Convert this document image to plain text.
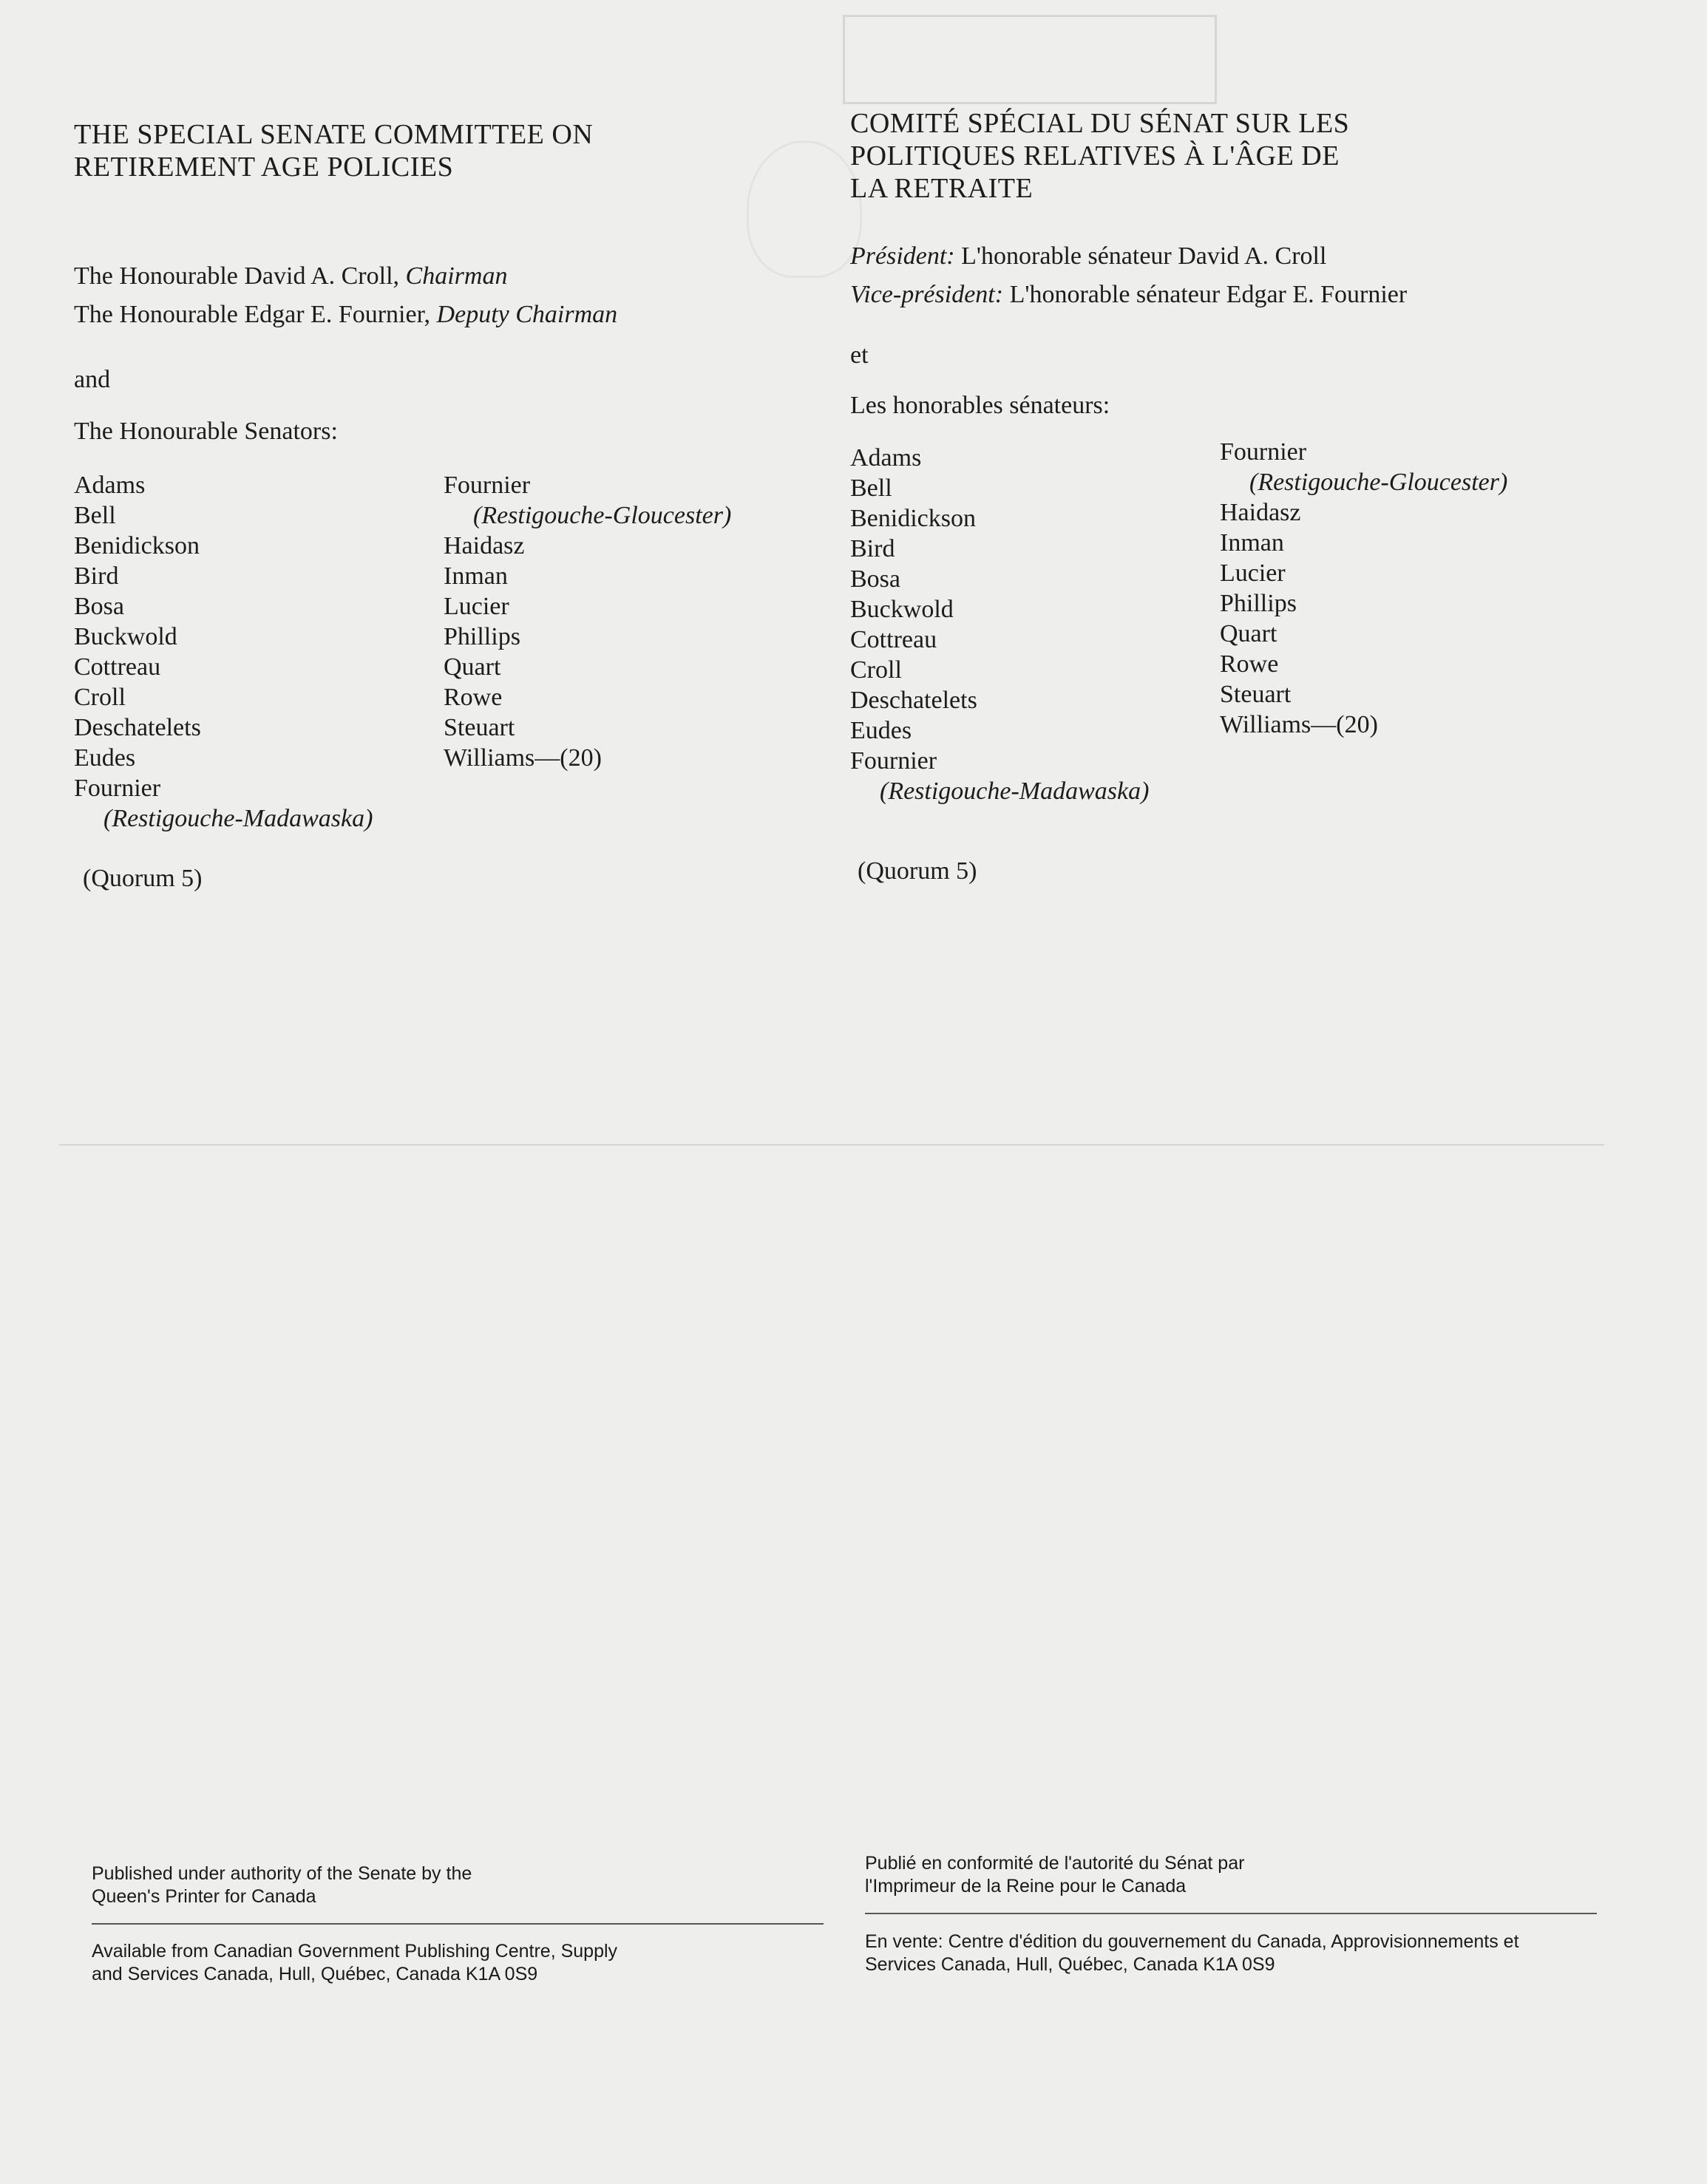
THE SPECIAL SENATE COMMITTEE ON
RETIREMENT AGE POLICIES

The Honourable David A. Croll, Chairman

The Honourable Edgar E. Fournier, Deputy Chairman

and

The Honourable Senators:

Adams
Bell
Benidickson
Bird
Bosa
Buckwold
Cottreau
Croll
Deschatelets
Eudes
Fournier
(Restigouche-Madawaska)
Fournier
(Restigouche-Gloucester)
Haidasz
Inman
Lucier
Phillips
Quart
Rowe
Steuart
Williams—(20)

(Quorum 5)

COMITÉ SPÉCIAL DU SÉNAT SUR LES
POLITIQUES RELATIVES À L'ÂGE DE
LA RETRAITE

Président: L'honorable sénateur David A. Croll

Vice-président: L'honorable sénateur Edgar E. Fournier

et

Les honorables sénateurs:

Adams
Bell
Benidickson
Bird
Bosa
Buckwold
Cottreau
Croll
Deschatelets
Eudes
Fournier
(Restigouche-Madawaska)
Fournier
(Restigouche-Gloucester)
Haidasz
Inman
Lucier
Phillips
Quart
Rowe
Steuart
Williams—(20)

(Quorum 5)

Published under authority of the Senate by the
Queen's Printer for Canada
Available from Canadian Government Publishing Centre, Supply
and Services Canada, Hull, Québec, Canada K1A 0S9
Publié en conformité de l'autorité du Sénat par
l'Imprimeur de la Reine pour le Canada
En vente: Centre d'édition du gouvernement du Canada, Approvisionnements et
Services Canada, Hull, Québec, Canada K1A 0S9
